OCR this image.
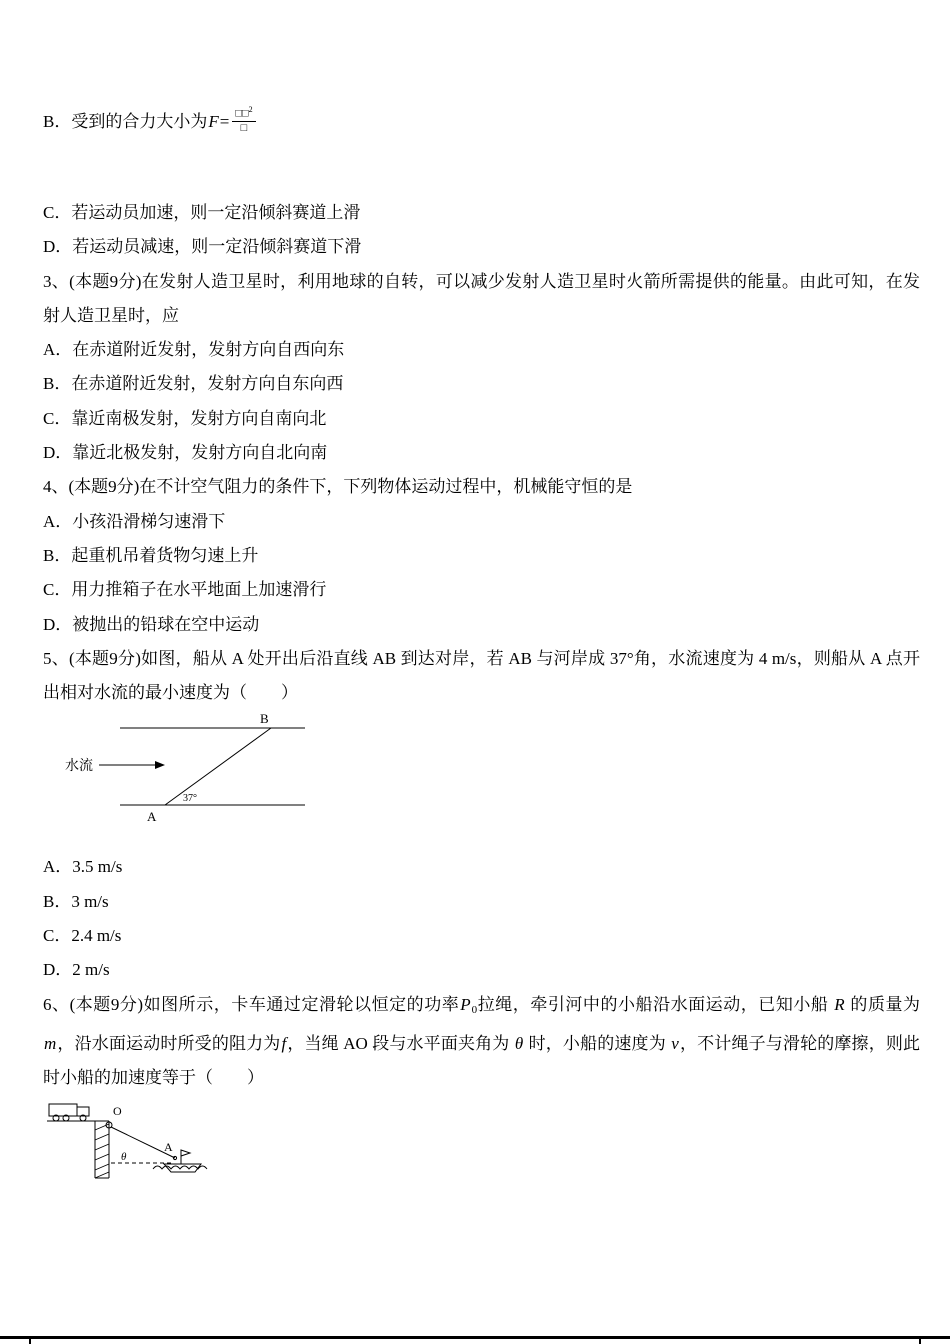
B．受到的合力大小为$F= \frac{□□^2}{□}$

C．若运动员加速，则一定沿倾斜赛道上滑

D．若运动员减速，则一定沿倾斜赛道下滑

3、(本题9分)在发射人造卫星时，利用地球的自转，可以减少发射人造卫星时火箭所需提供的能量。由此可知，在发射人造卫星时，应

A．在赤道附近发射，发射方向自西向东

B．在赤道附近发射，发射方向自东向西

C．靠近南极发射，发射方向自南向北

D．靠近北极发射，发射方向自北向南

4、(本题9分)在不计空气阻力的条件下，下列物体运动过程中，机械能守恒的是

A．小孩沿滑梯匀速滑下

B．起重机吊着货物匀速上升

C．用力推箱子在水平地面上加速滑行

D．被抛出的铅球在空中运动

5、(本题9分)如图，船从 A 处开出后沿直线 AB 到达对岸，若 AB 与河岸成 37°角，水流速度为 4 m/s，则船从 A 点开出相对水流的最小速度为（　　）

水流
B
A
37°

A．3.5 m/s

B．3 m/s

C．2.4 m/s

D．2 m/s

6、(本题9分)如图所示，卡车通过定滑轮以恒定的功率$P_0$拉绳，牵引河中的小船沿水面运动，已知小船 R 的质量为 m，沿水面运动时所受的阻力为f，当绳 AO 段与水平面夹角为 θ 时，小船的速度为 v，不计绳子与滑轮的摩擦，则此时小船的加速度等于（　　）

O
θ
A
